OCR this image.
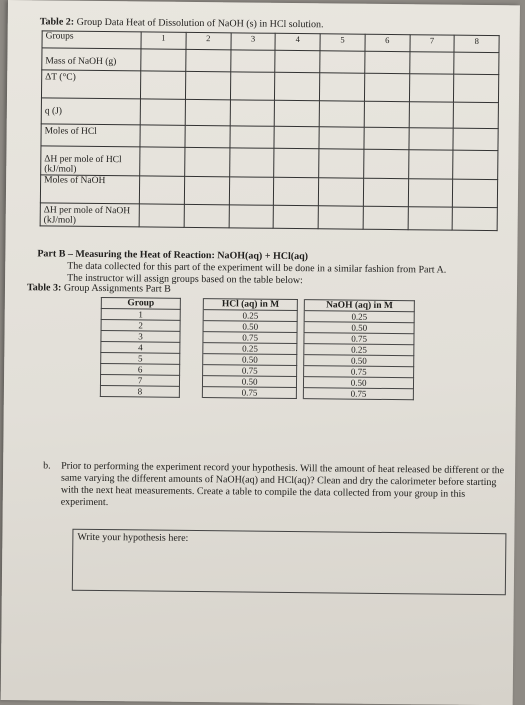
Table 2: Group Data Heat of Dissolution of NaOH (s) in HCl solution.
Groups	1	2	3	4	5	6	7	8
Mass of NaOH (g)								
ΔT (°C)								
q (J)								
Moles of HCl								
ΔH per mole of HCl
(kJ/mol)								
Moles of NaOH								
ΔH per mole of NaOH
(kJ/mol)								
Part B – Measuring the Heat of Reaction: NaOH(aq) + HCl(aq)
The data collected for this part of the experiment will be done in a similar fashion from Part A.
The instructor will assign groups based on the table below:
Table 3: Group Assignments Part B
Group		HCl (aq) in M		NaOH (aq) in M
1		0.25		0.25
2		0.50		0.50
3		0.75		0.75
4		0.25		0.25
5		0.50		0.50
6		0.75		0.75
7		0.50		0.50
8		0.75		0.75
b.	Prior to performing the experiment record your hypothesis. Will the amount of heat released be different or the same varying the different amounts of NaOH(aq) and HCl(aq)? Clean and dry the calorimeter before starting with the next heat measurements. Create a table to compile the data collected from your group in this experiment.
Write your hypothesis here:
